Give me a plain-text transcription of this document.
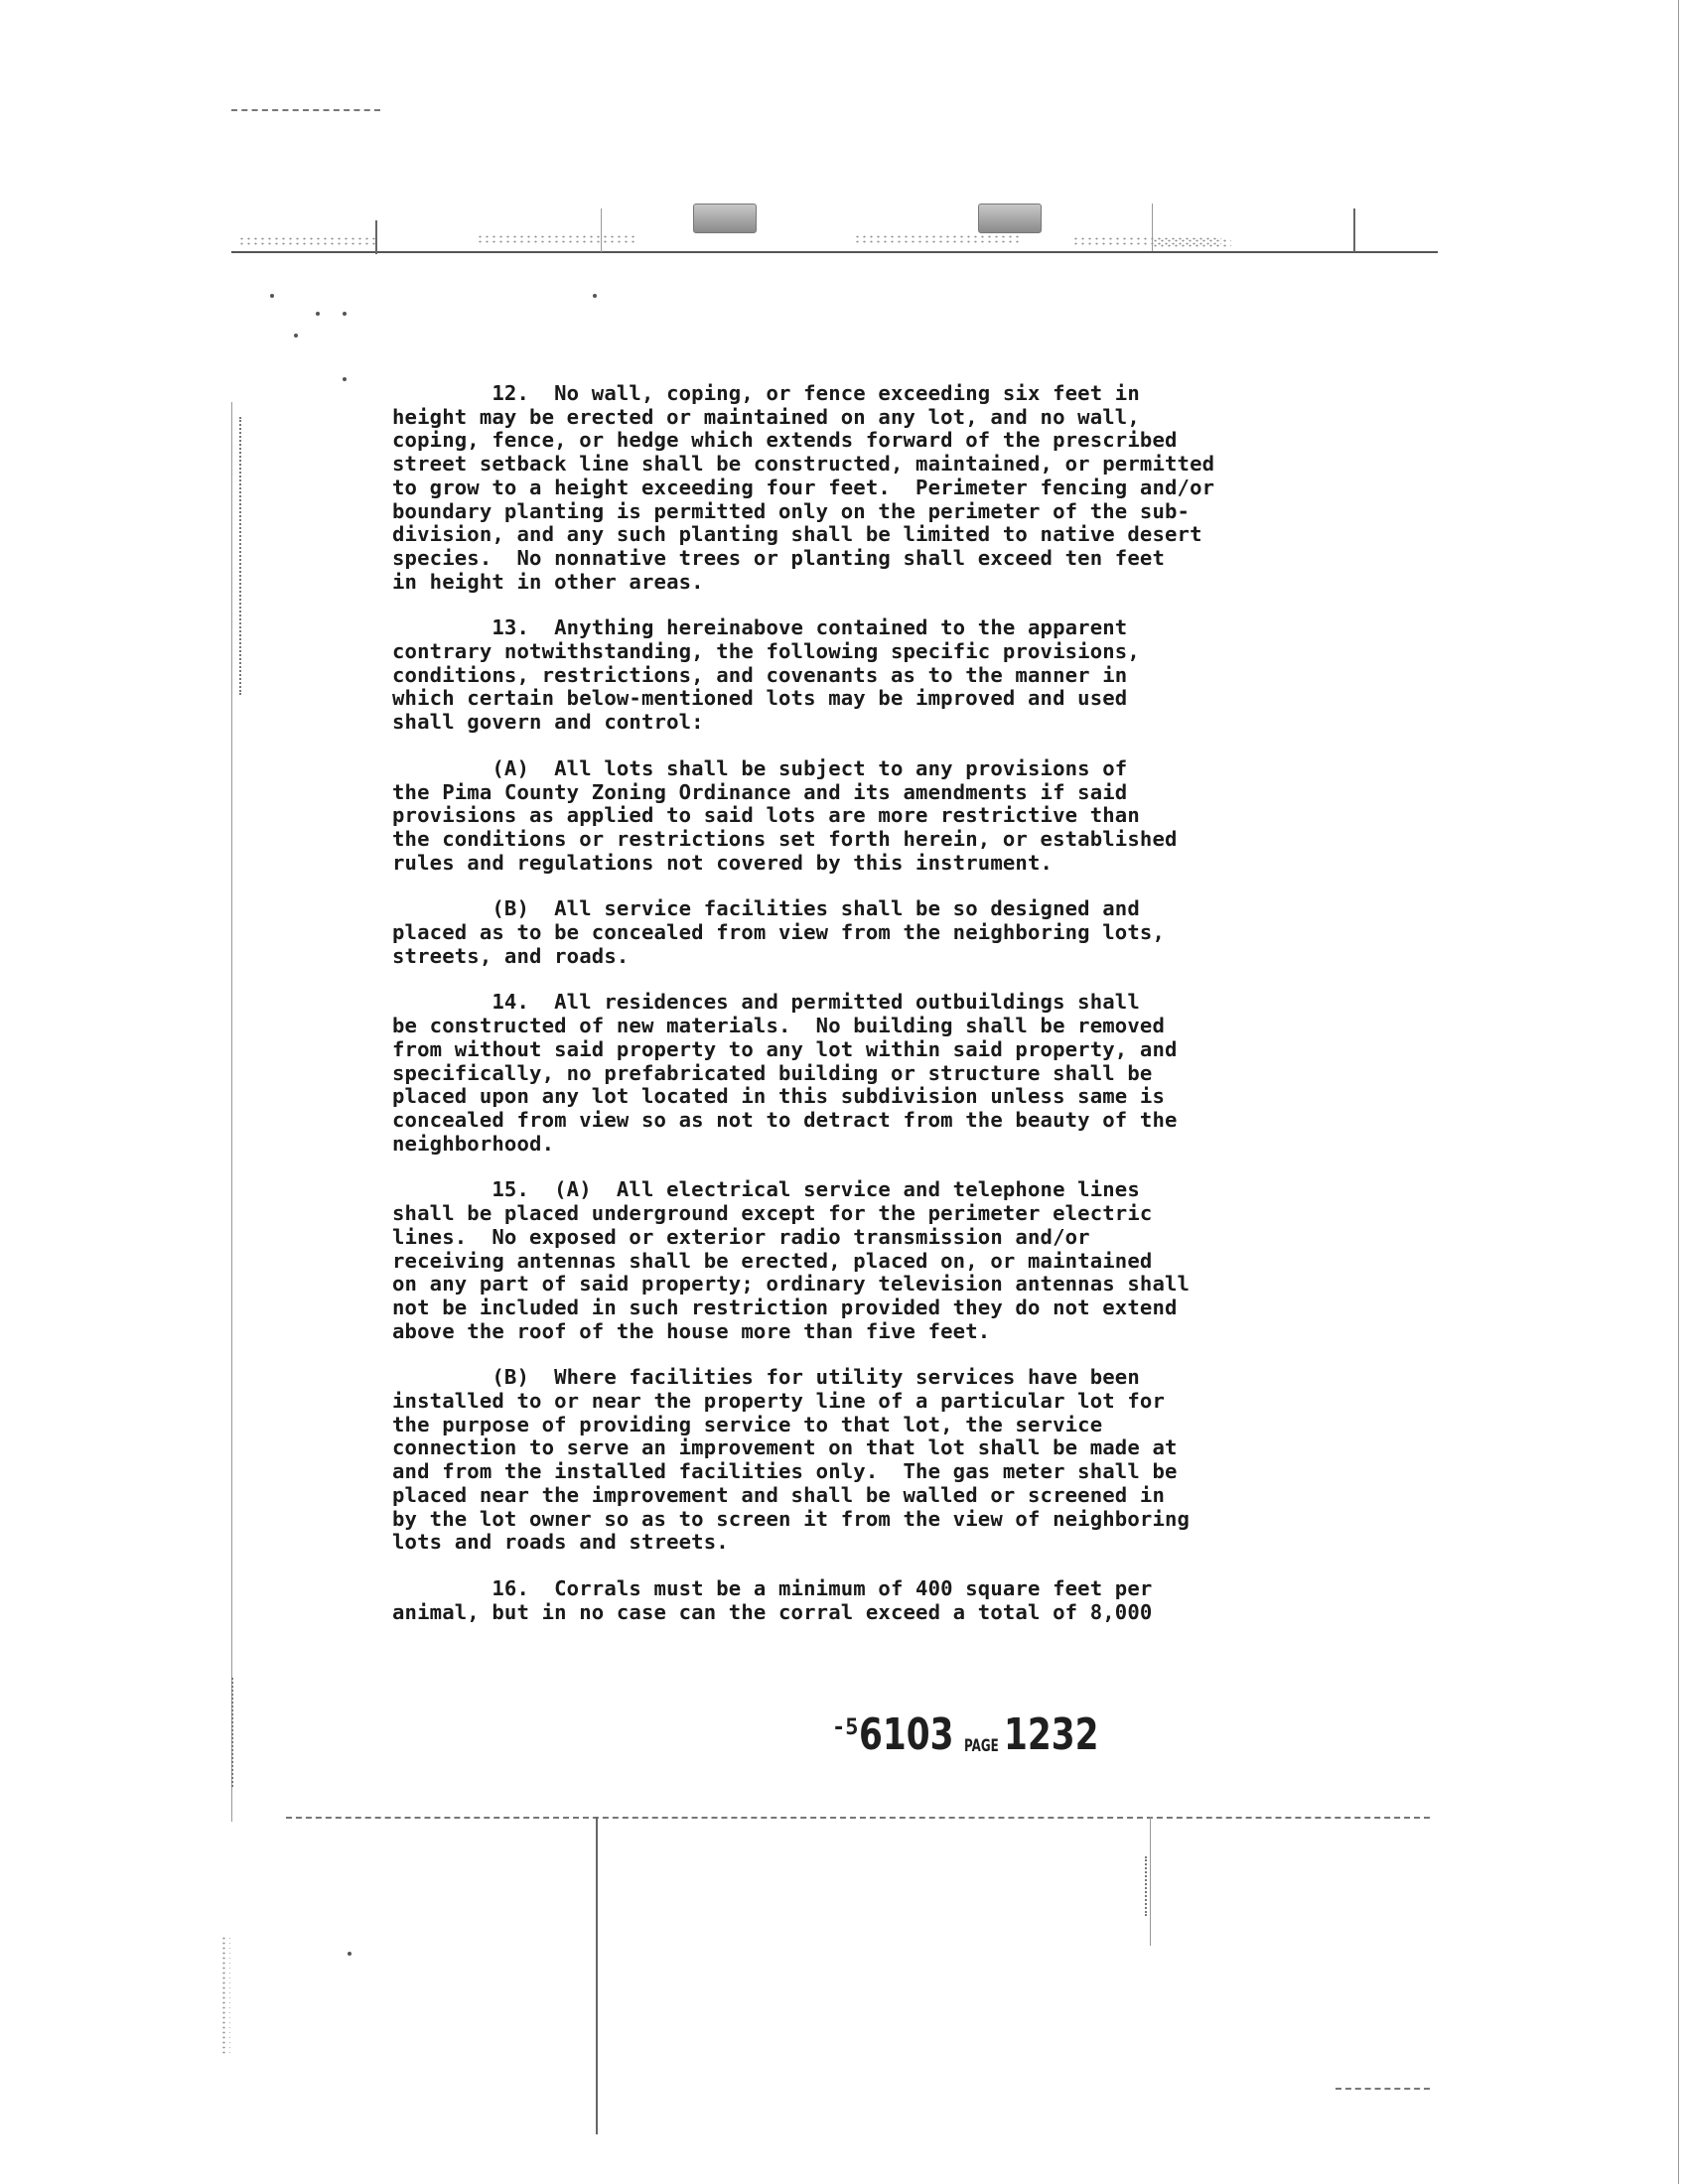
12.  No wall, coping, or fence exceeding six feet in
height may be erected or maintained on any lot, and no wall,
coping, fence, or hedge which extends forward of the prescribed
street setback line shall be constructed, maintained, or permitted
to grow to a height exceeding four feet.  Perimeter fencing and/or
boundary planting is permitted only on the perimeter of the sub-
division, and any such planting shall be limited to native desert
species.  No nonnative trees or planting shall exceed ten feet
in height in other areas.
13.  Anything hereinabove contained to the apparent
contrary notwithstanding, the following specific provisions,
conditions, restrictions, and covenants as to the manner in
which certain below-mentioned lots may be improved and used
shall govern and control:
(A)  All lots shall be subject to any provisions of
the Pima County Zoning Ordinance and its amendments if said
provisions as applied to said lots are more restrictive than
the conditions or restrictions set forth herein, or established
rules and regulations not covered by this instrument.
(B)  All service facilities shall be so designed and
placed as to be concealed from view from the neighboring lots,
streets, and roads.
14.  All residences and permitted outbuildings shall
be constructed of new materials.  No building shall be removed
from without said property to any lot within said property, and
specifically, no prefabricated building or structure shall be
placed upon any lot located in this subdivision unless same is
concealed from view so as not to detract from the beauty of the
neighborhood.
15.  (A)  All electrical service and telephone lines
shall be placed underground except for the perimeter electric
lines.  No exposed or exterior radio transmission and/or
receiving antennas shall be erected, placed on, or maintained
on any part of said property; ordinary television antennas shall
not be included in such restriction provided they do not extend
above the roof of the house more than five feet.
(B)  Where facilities for utility services have been
installed to or near the property line of a particular lot for
the purpose of providing service to that lot, the service
connection to serve an improvement on that lot shall be made at
and from the installed facilities only.  The gas meter shall be
placed near the improvement and shall be walled or screened in
by the lot owner so as to screen it from the view of neighboring
lots and roads and streets.
16.  Corrals must be a minimum of 400 square feet per
animal, but in no case can the corral exceed a total of 8,000
-5 6103 PAGE 1232
